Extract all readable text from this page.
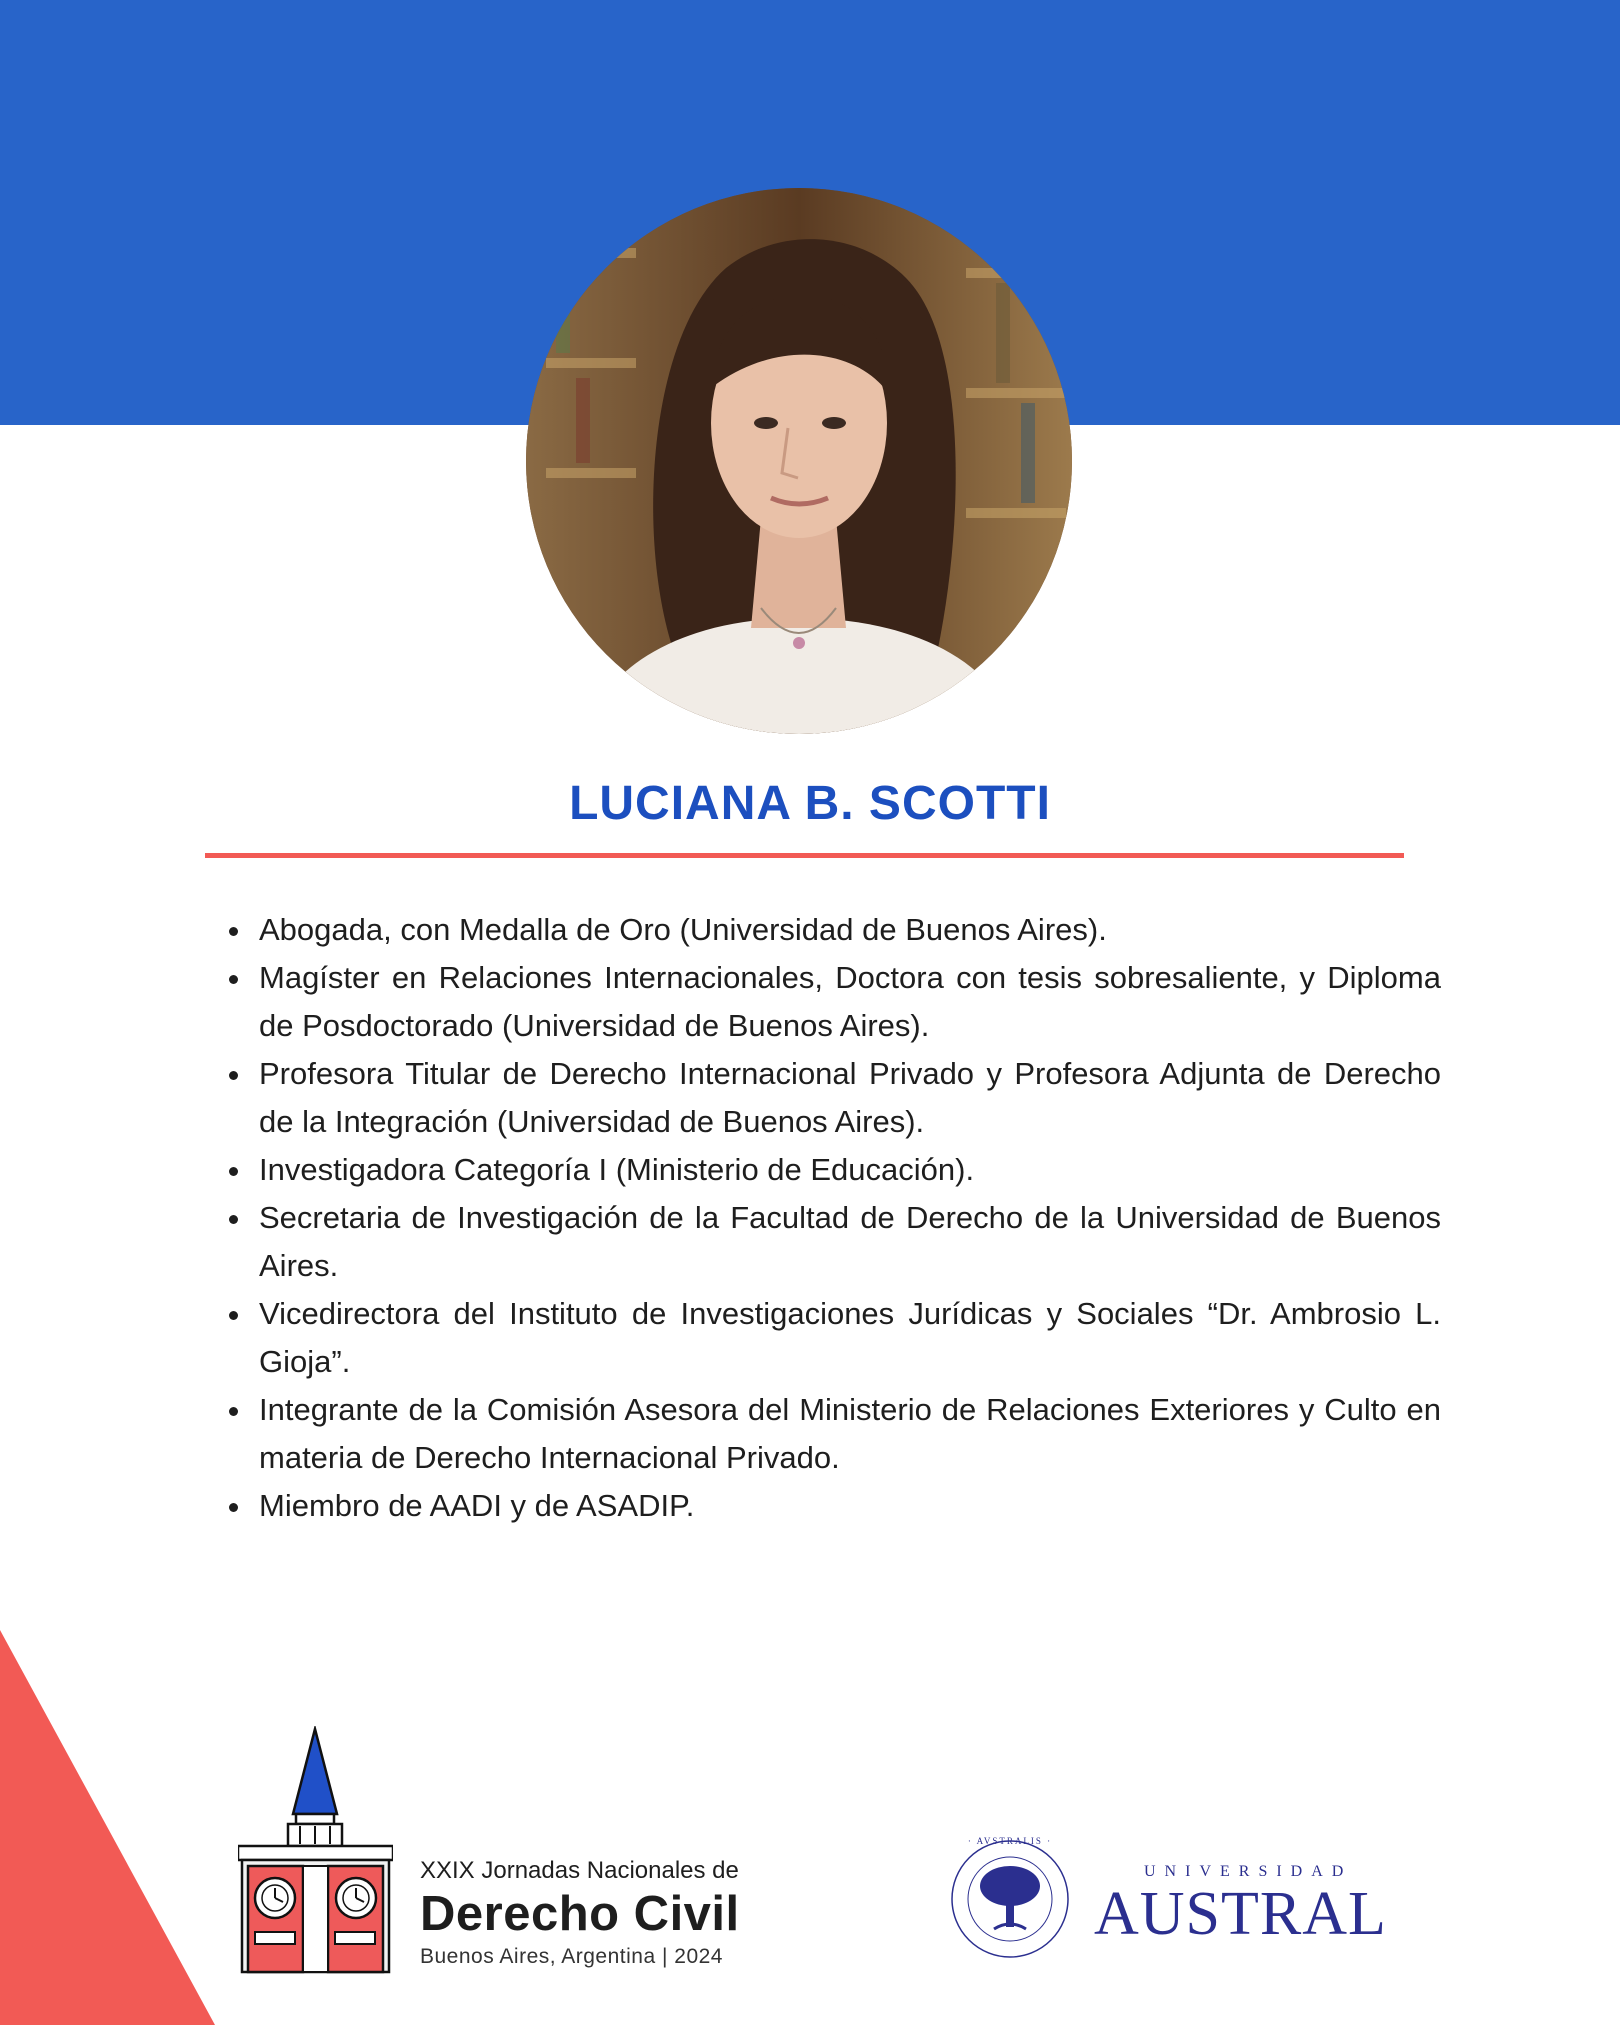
LUCIANA B. SCOTTI
Abogada, con Medalla de Oro (Universidad de Buenos Aires).
Magíster en Relaciones Internacionales, Doctora con tesis sobresaliente, y Diploma de Posdoctorado (Universidad de Buenos Aires).
Profesora Titular de Derecho Internacional Privado y Profesora Adjunta de Derecho de la Integración (Universidad de Buenos Aires).
Investigadora Categoría I (Ministerio de Educación).
Secretaria de Investigación de la Facultad de Derecho de la Universidad de Buenos Aires.
Vicedirectora del Instituto de Investigaciones Jurídicas y Sociales “Dr. Ambrosio L. Gioja”.
Integrante de la Comisión Asesora del Ministerio de Relaciones Exteriores y Culto en materia de Derecho Internacional Privado.
Miembro de AADI y de ASADIP.
XXIX Jornadas Nacionales de
Derecho Civil
Buenos Aires, Argentina | 2024
· AVSTRALIS ·
UNIVERSIDAD
AUSTRAL
